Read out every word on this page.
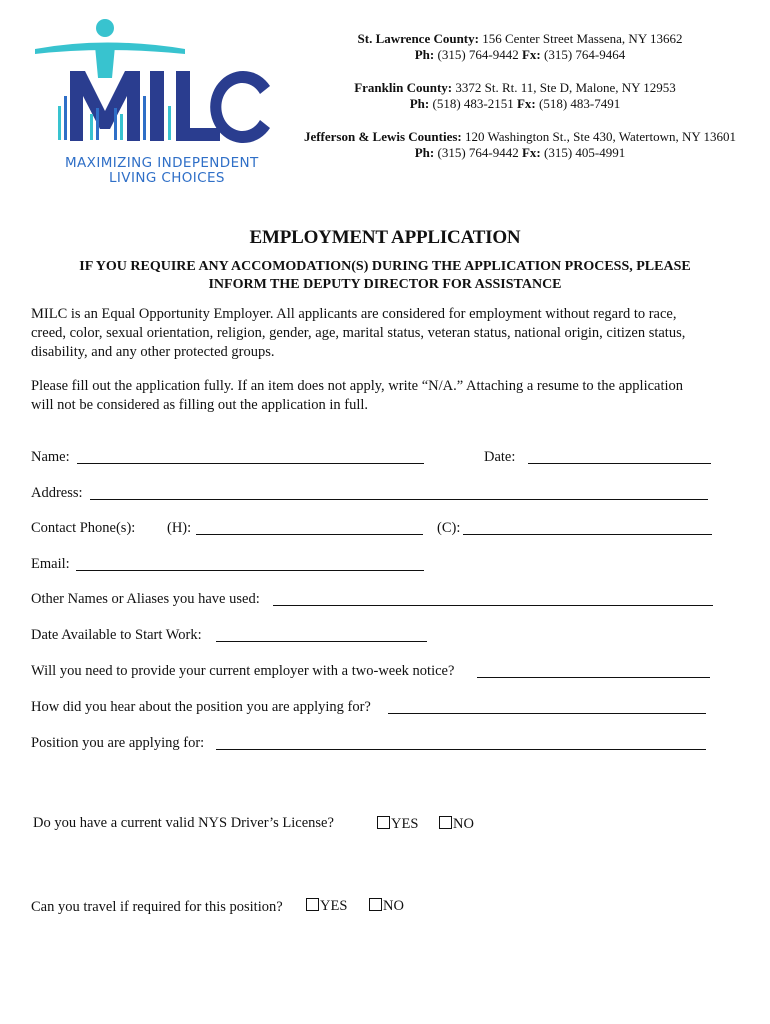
MAXIMIZING INDEPENDENT
LIVING CHOICES
St. Lawrence County: 156 Center Street Massena, NY 13662
Ph: (315) 764-9442 Fx: (315) 764-9464
Franklin County: 3372 St. Rt. 11, Ste D, Malone, NY 12953
Ph: (518) 483-2151 Fx: (518) 483-7491
Jefferson & Lewis Counties: 120 Washington St., Ste 430, Watertown, NY 13601
Ph: (315) 764-9442 Fx: (315) 405-4991
EMPLOYMENT APPLICATION
IF YOU REQUIRE ANY ACCOMODATION(S) DURING THE APPLICATION PROCESS, PLEASE
INFORM THE DEPUTY DIRECTOR FOR ASSISTANCE
MILC is an Equal Opportunity Employer. All applicants are considered for employment without regard to race,
creed, color, sexual orientation, religion, gender, age, marital status, veteran status, national origin, citizen status,
disability, and any other protected groups.
Please fill out the application fully. If an item does not apply, write “N/A.” Attaching a resume to the application
will not be considered as filling out the application in full.
Name:	Date:
Address:
Contact Phone(s): (H):	(C):
Email:
Other Names or Aliases you have used:
Date Available to Start Work:
Will you need to provide your current employer with a two-week notice?
How did you hear about the position you are applying for?
Position you are applying for:
Do you have a current valid NYS Driver’s License?	YES	NO
Can you travel if required for this position?	YES	NO
